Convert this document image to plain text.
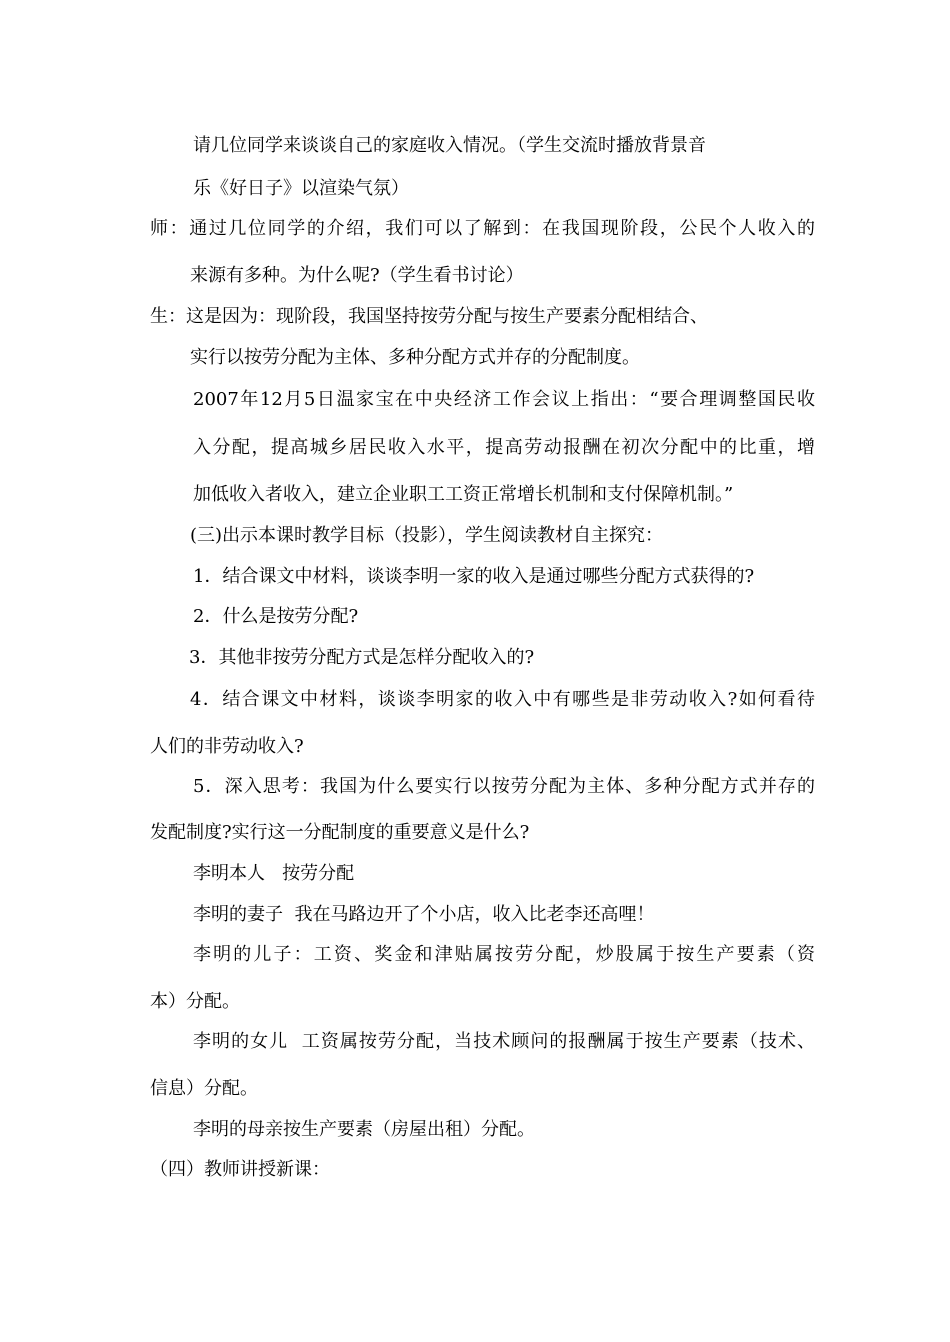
请几位同学来谈谈自己的家庭收入情况。（学生交流时播放背景音
乐《好日子》以渲染气氛）
师：通过几位同学的介绍，我们可以了解到：在我国现阶段，公民个人收入的
来源有多种。为什么呢?（学生看书讨论）
生：这是因为：现阶段，我国坚持按劳分配与按生产要素分配相结合、
实行以按劳分配为主体、多种分配方式并存的分配制度。
2007年12月5日温家宝在中央经济工作会议上指出：“要合理调整国民收
入分配，提高城乡居民收入水平，提高劳动报酬在初次分配中的比重，增
加低收入者收入，建立企业职工工资正常增长机制和支付保障机制。”
(三)出示本课时教学目标（投影），学生阅读教材自主探究：
1．结合课文中材料，谈谈李明一家的收入是通过哪些分配方式获得的?
2．什么是按劳分配?
3．其他非按劳分配方式是怎样分配收入的?
4．结合课文中材料，谈谈李明家的收入中有哪些是非劳动收入?如何看待
人们的非劳动收入?
5．深入思考：我国为什么要实行以按劳分配为主体、多种分配方式并存的
发配制度?实行这一分配制度的重要意义是什么?
李明本人   按劳分配
李明的妻子  我在马路边开了个小店，收入比老李还高哩！
李明的儿子：工资、奖金和津贴属按劳分配，炒股属于按生产要素（资
本）分配。
李明的女儿  工资属按劳分配，当技术顾问的报酬属于按生产要素（技术、
信息）分配。
李明的母亲按生产要素（房屋出租）分配。
（四）教师讲授新课：
